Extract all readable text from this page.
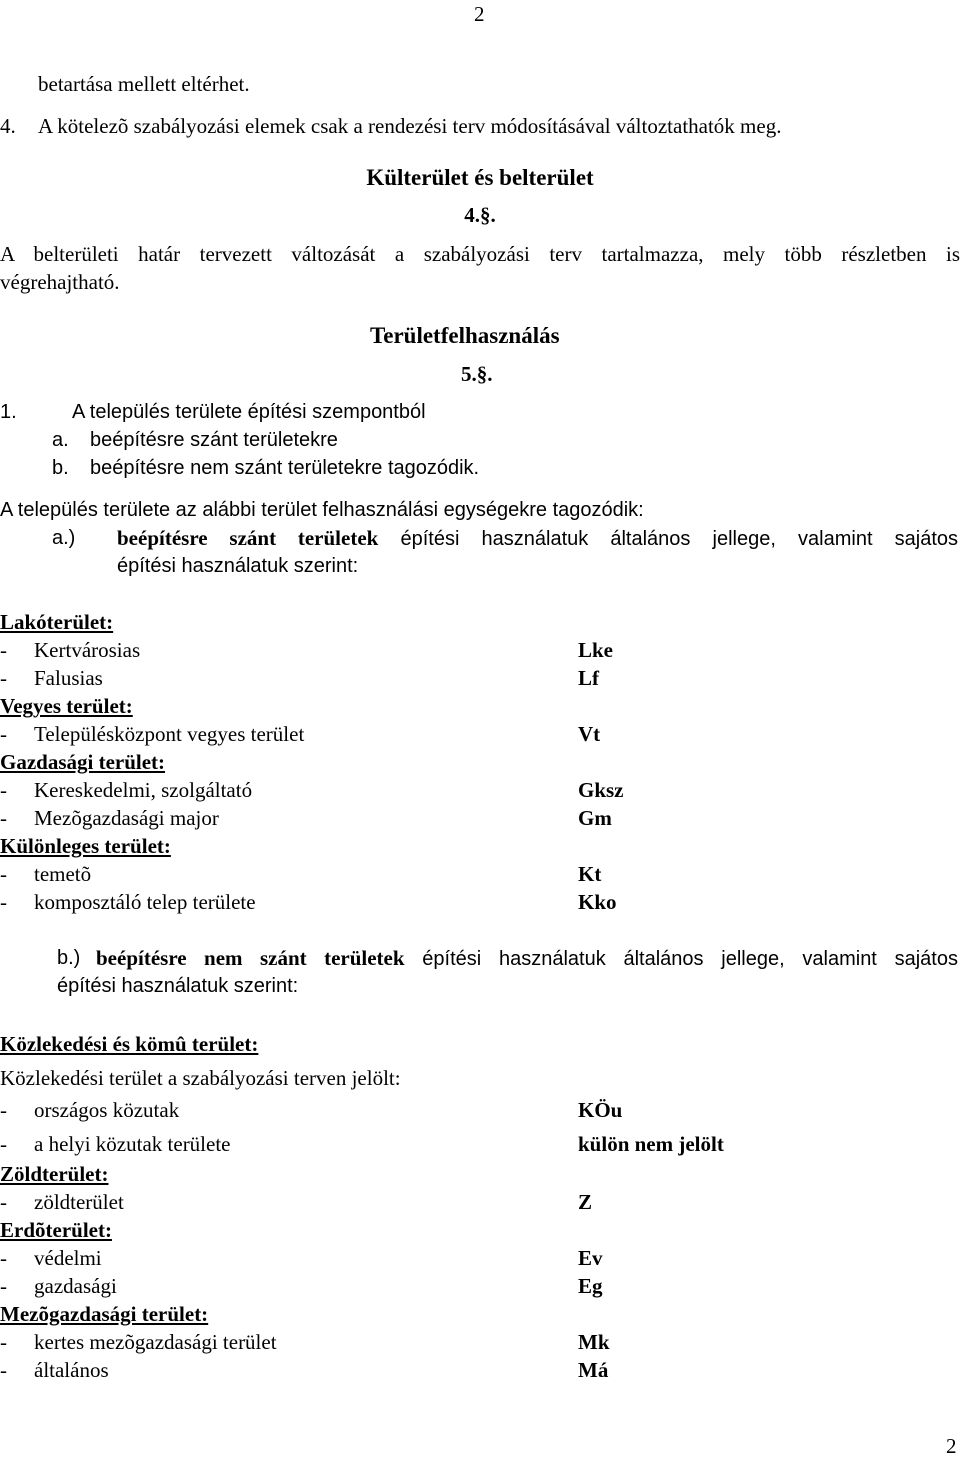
2
betartása mellett eltérhet.
4. A kötelezõ szabályozási elemek csak a rendezési terv módosításával változtathatók meg.
Külterület és belterület
4.§.
A belterületi határ tervezett változását a szabályozási terv tartalmazza, mely több részletben is
végrehajtható.
Területfelhasználás
5.§.
1.	A település területe építési szempontból
a. beépítésre szánt területekre
b. beépítésre nem szánt területekre tagozódik.
A település területe az alábbi terület felhasználási egységekre tagozódik:
a.) beépítésre szánt területek építési használatuk általános jellege, valamint sajátos
építési használatuk szerint:
Lakóterület:
- Kertvárosias	Lke
- Falusias	Lf
Vegyes terület:
- Településközpont vegyes terület	Vt
Gazdasági terület:
- Kereskedelmi, szolgáltató	Gksz
- Mezõgazdasági major	Gm
Különleges terület:
- temetõ	Kt
- komposztáló telep területe	Kko
b.) beépítésre nem szánt területek építési használatuk általános jellege, valamint sajátos
építési használatuk szerint:
Közlekedési és kömû terület:
Közlekedési terület a szabályozási terven jelölt:
- országos közutak	KÖu
- a helyi közutak területe	külön nem jelölt
Zöldterület:
- zöldterület	Z
Erdõterület:
- védelmi	Ev
- gazdasági	Eg
Mezõgazdasági terület:
- kertes mezõgazdasági terület	Mk
- általános	Má
2
